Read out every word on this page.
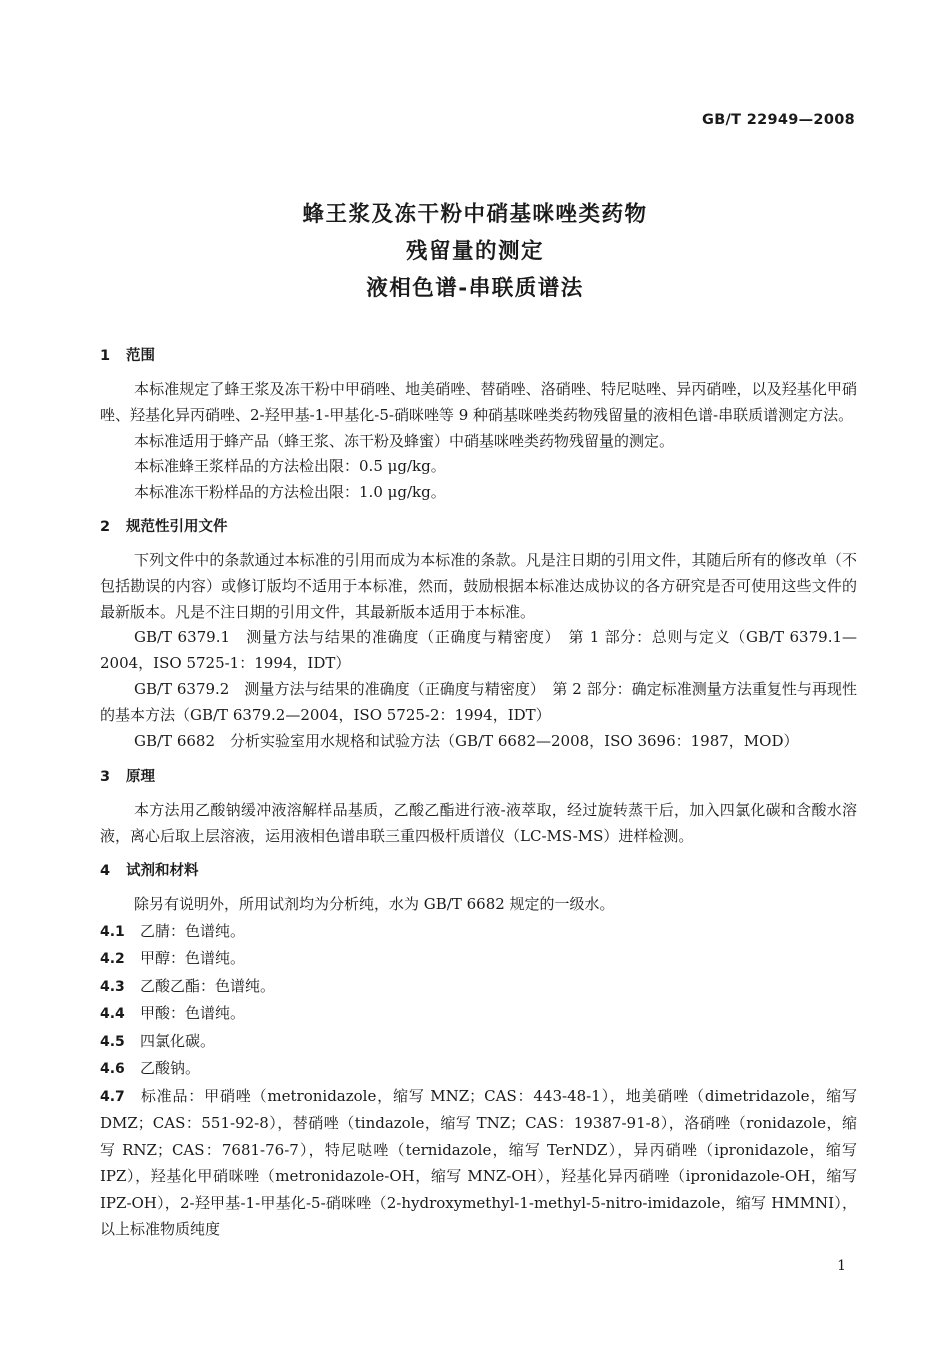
GB/T 22949—2008
蜂王浆及冻干粉中硝基咪唑类药物
残留量的测定
液相色谱-串联质谱法
1 范围

本标准规定了蜂王浆及冻干粉中甲硝唑、地美硝唑、替硝唑、洛硝唑、特尼哒唑、异丙硝唑，以及羟基化甲硝唑、羟基化异丙硝唑、2-羟甲基-1-甲基化-5-硝咪唑等 9 种硝基咪唑类药物残留量的液相色谱-串联质谱测定方法。

本标准适用于蜂产品（蜂王浆、冻干粉及蜂蜜）中硝基咪唑类药物残留量的测定。

本标准蜂王浆样品的方法检出限：0.5 μg/kg。

本标准冻干粉样品的方法检出限：1.0 μg/kg。

2 规范性引用文件

下列文件中的条款通过本标准的引用而成为本标准的条款。凡是注日期的引用文件，其随后所有的修改单（不包括勘误的内容）或修订版均不适用于本标准，然而，鼓励根据本标准达成协议的各方研究是否可使用这些文件的最新版本。凡是不注日期的引用文件，其最新版本适用于本标准。

GB/T 6379.1　测量方法与结果的准确度（正确度与精密度）　第 1 部分：总则与定义（GB/T 6379.1—2004，ISO 5725-1：1994，IDT）

GB/T 6379.2　测量方法与结果的准确度（正确度与精密度）　第 2 部分：确定标准测量方法重复性与再现性的基本方法（GB/T 6379.2—2004，ISO 5725-2：1994，IDT）

GB/T 6682　分析实验室用水规格和试验方法（GB/T 6682—2008，ISO 3696：1987，MOD）

3 原理

本方法用乙酸钠缓冲液溶解样品基质，乙酸乙酯进行液-液萃取，经过旋转蒸干后，加入四氯化碳和含酸水溶液，离心后取上层溶液，运用液相色谱串联三重四极杆质谱仪（LC-MS-MS）进样检测。

4 试剂和材料

除另有说明外，所用试剂均为分析纯，水为 GB/T 6682 规定的一级水。

4.1 乙腈：色谱纯。

4.2 甲醇：色谱纯。

4.3 乙酸乙酯：色谱纯。

4.4 甲酸：色谱纯。

4.5 四氯化碳。

4.6 乙酸钠。

4.7 标准品：甲硝唑（metronidazole，缩写 MNZ；CAS：443-48-1），地美硝唑（dimetridazole，缩写 DMZ；CAS：551-92-8），替硝唑（tindazole，缩写 TNZ；CAS：19387-91-8），洛硝唑（ronidazole，缩写 RNZ；CAS：7681-76-7），特尼哒唑（ternidazole，缩写 TerNDZ），异丙硝唑（ipronidazole，缩写 IPZ），羟基化甲硝咪唑（metronidazole-OH，缩写 MNZ-OH），羟基化异丙硝唑（ipronidazole-OH，缩写 IPZ-OH），2-羟甲基-1-甲基化-5-硝咪唑（2-hydroxymethyl-1-methyl-5-nitro-imidazole，缩写 HMMNI），以上标准物质纯度

1
